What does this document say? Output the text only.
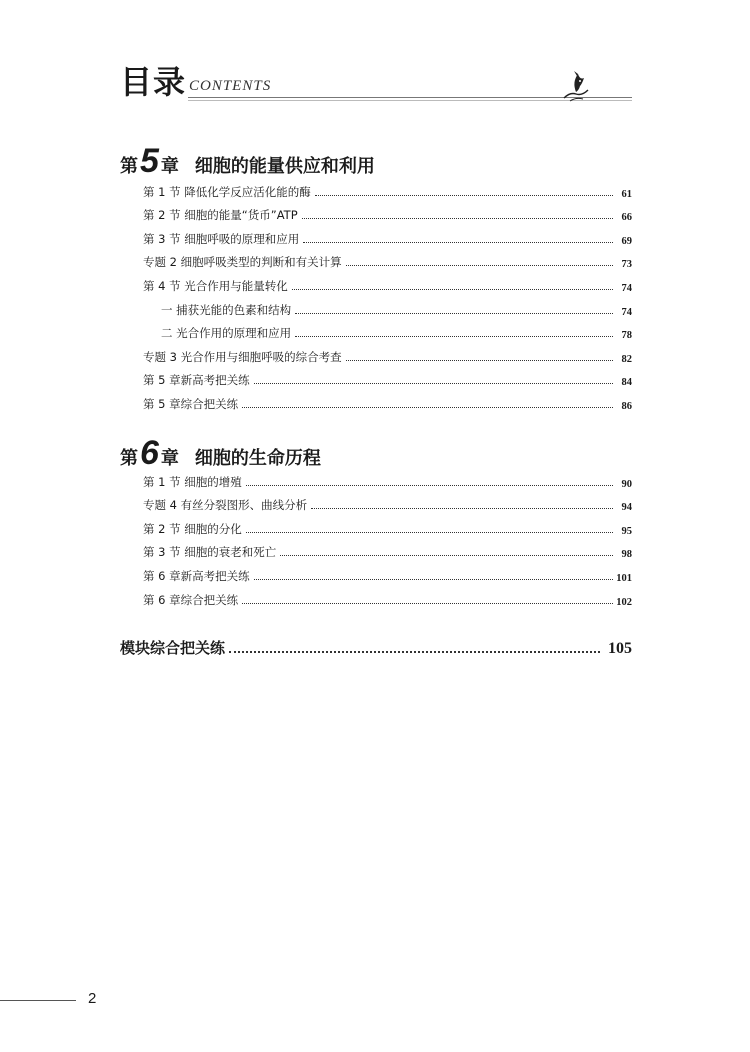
目录 CONTENTS
第5 章 细胞的能量供应和利用
第 1 节 降低化学反应活化能的酶	61
第 2 节 细胞的能量“货币”ATP	66
第 3 节 细胞呼吸的原理和应用	69
专题 2 细胞呼吸类型的判断和有关计算	73
第 4 节 光合作用与能量转化	74
一 捕获光能的色素和结构	74
二 光合作用的原理和应用	78
专题 3 光合作用与细胞呼吸的综合考查	82
第 5 章新高考把关练	84
第 5 章综合把关练	86
第6 章 细胞的生命历程
第 1 节 细胞的增殖	90
专题 4 有丝分裂图形、曲线分析	94
第 2 节 细胞的分化	95
第 3 节 细胞的衰老和死亡	98
第 6 章新高考把关练	101
第 6 章综合把关练	102
模块综合把关练	105
2
